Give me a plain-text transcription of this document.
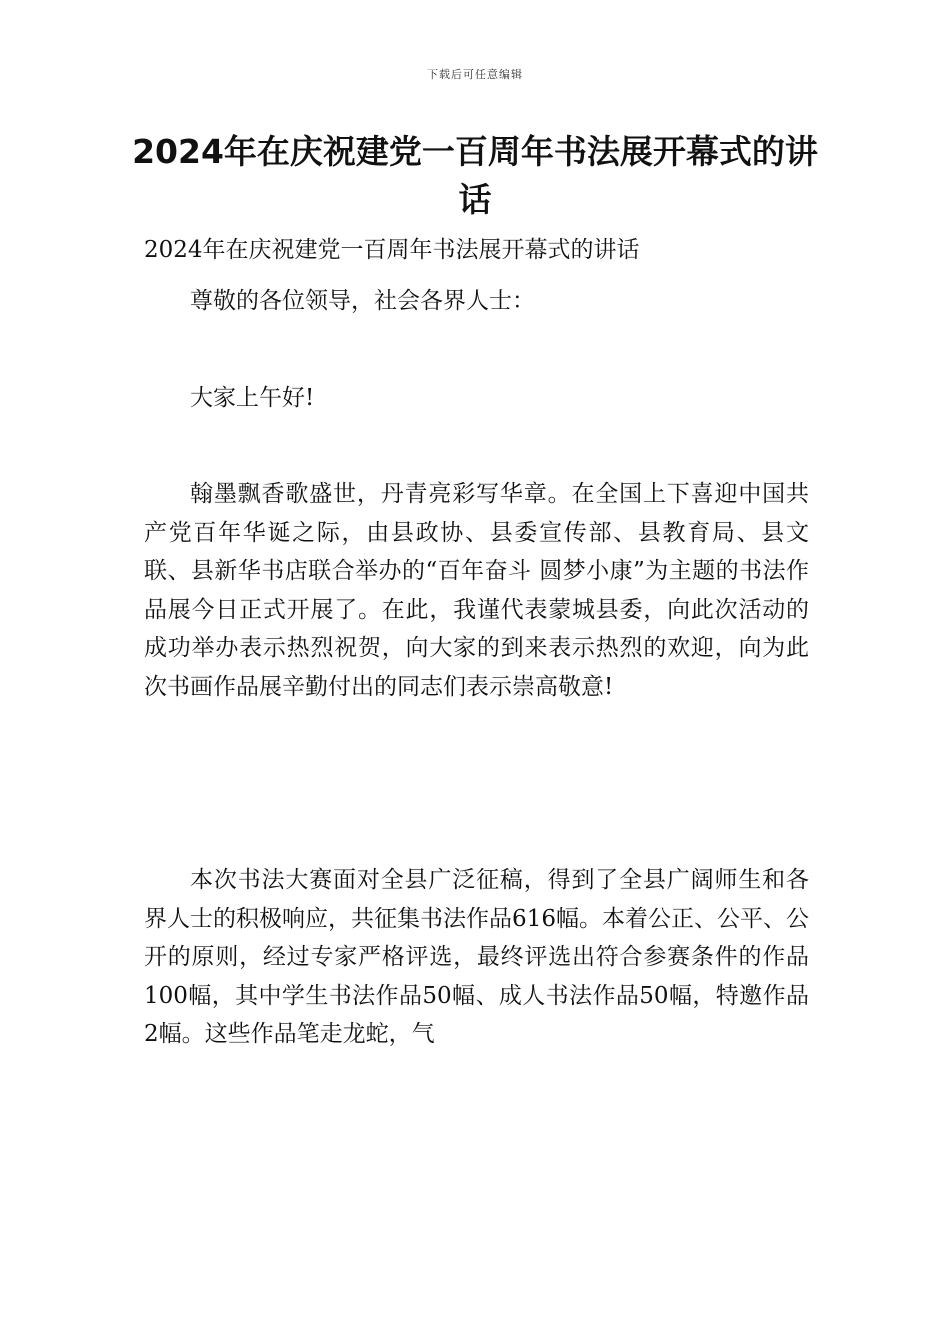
下载后可任意编辑
2024年在庆祝建党一百周年书法展开幕式的讲话

2024年在庆祝建党一百周年书法展开幕式的讲话

尊敬的各位领导，社会各界人士：

大家上午好!

翰墨飘香歌盛世，丹青亮彩写华章。在全国上下喜迎中国共产党百年华诞之际，由县政协、县委宣传部、县教育局、县文联、县新华书店联合举办的“百年奋斗 圆梦小康”为主题的书法作品展今日正式开展了。在此，我谨代表蒙城县委，向此次活动的成功举办表示热烈祝贺，向大家的到来表示热烈的欢迎，向为此次书画作品展辛勤付出的同志们表示崇高敬意!

本次书法大赛面对全县广泛征稿，得到了全县广阔师生和各界人士的积极响应，共征集书法作品616幅。本着公正、公平、公开的原则，经过专家严格评选，最终评选出符合参赛条件的作品100幅，其中学生书法作品50幅、成人书法作品50幅，特邀作品2幅。这些作品笔走龙蛇，气
